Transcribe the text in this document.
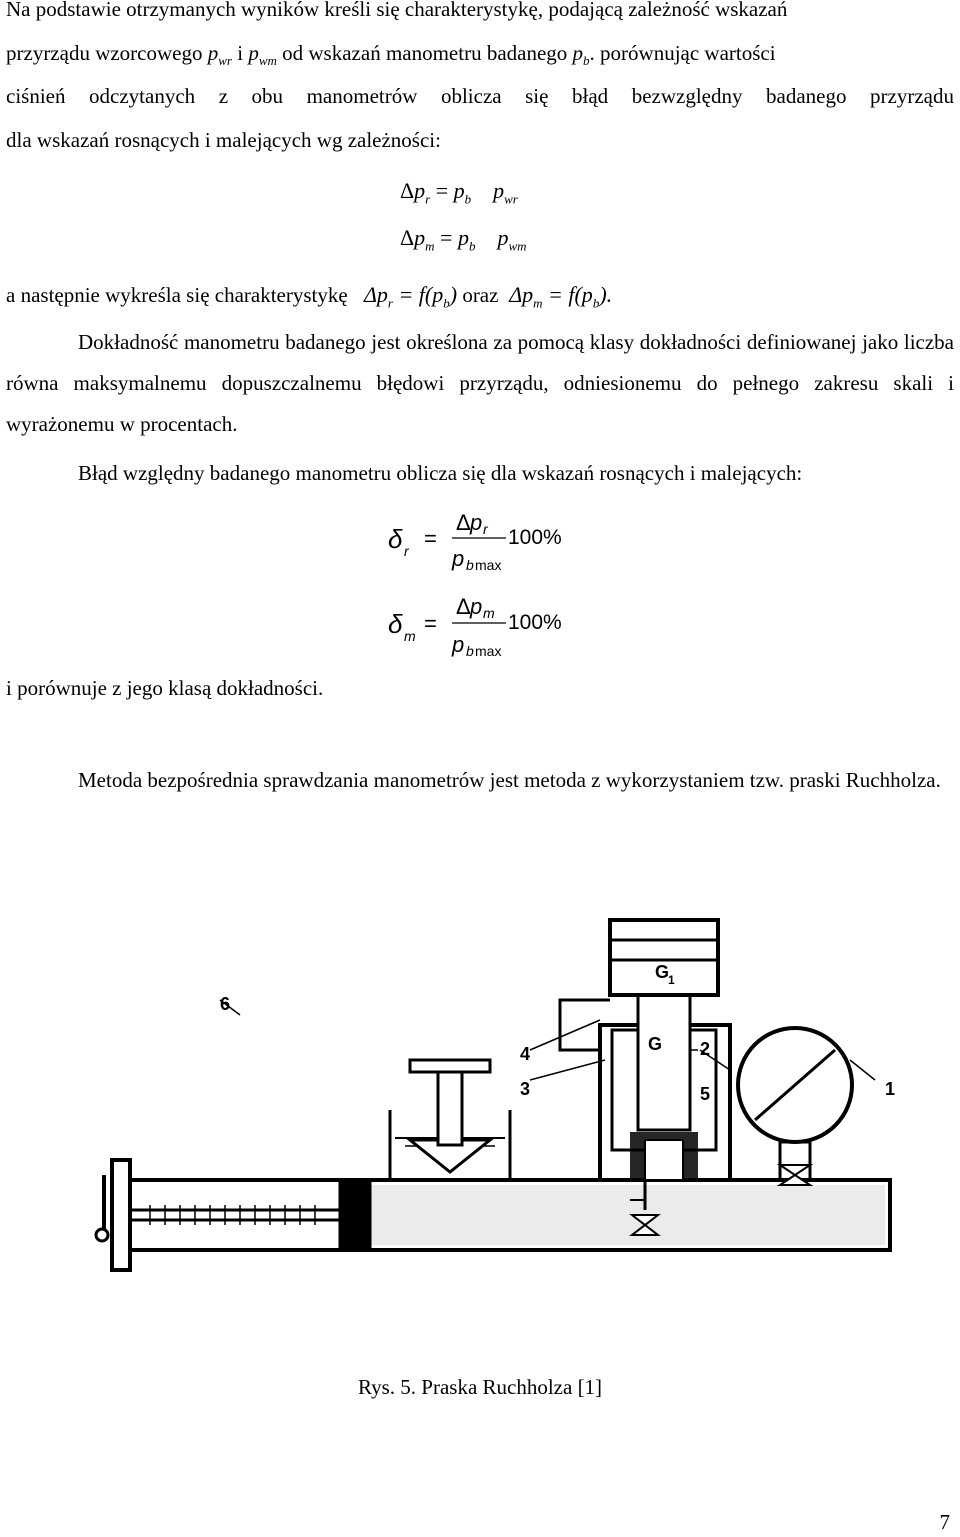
Na podstawie otrzymanych wyników kreśli się charakterystykę, podającą zależność wskazań
przyrządu wzorcowego $p_{wr}$ i $p_{wm}$ od wskazań manometru badanego $p_b$. porównując wartości
ciśnień odczytanych z obu manometrów oblicza się błąd bezwzględny badanego przyrządu
dla wskazań rosnących i malejących wg zależności:
$\Delta p_r = p_b$    $p_{wr}$
$\Delta p_m = p_b$    $p_{wm}$
a następnie wykreśla się charakterystykę   $\Delta p_r = f(p_b)$ oraz  $\Delta p_m = f(p_b)$.
Dokładność manometru badanego jest określona za pomocą klasy dokładności definiowanej jako liczba równa maksymalnemu dopuszczalnemu błędowi przyrządu, odniesionemu do pełnego zakresu skali i wyrażonemu w procentach.
Błąd względny badanego manometru oblicza się dla wskazań rosnących i malejących:
δ r =
Δ p r
p b max
100%
δ m =
Δ p m
p b max
100%
i porównuje z jego klasą dokładności.
Metoda bezpośrednia sprawdzania manometrów jest metoda z wykorzystaniem tzw. praski Ruchholza.
G
1
G
1
2
3
4
5
6
Rys. 5. Praska Ruchholza [1]
7
